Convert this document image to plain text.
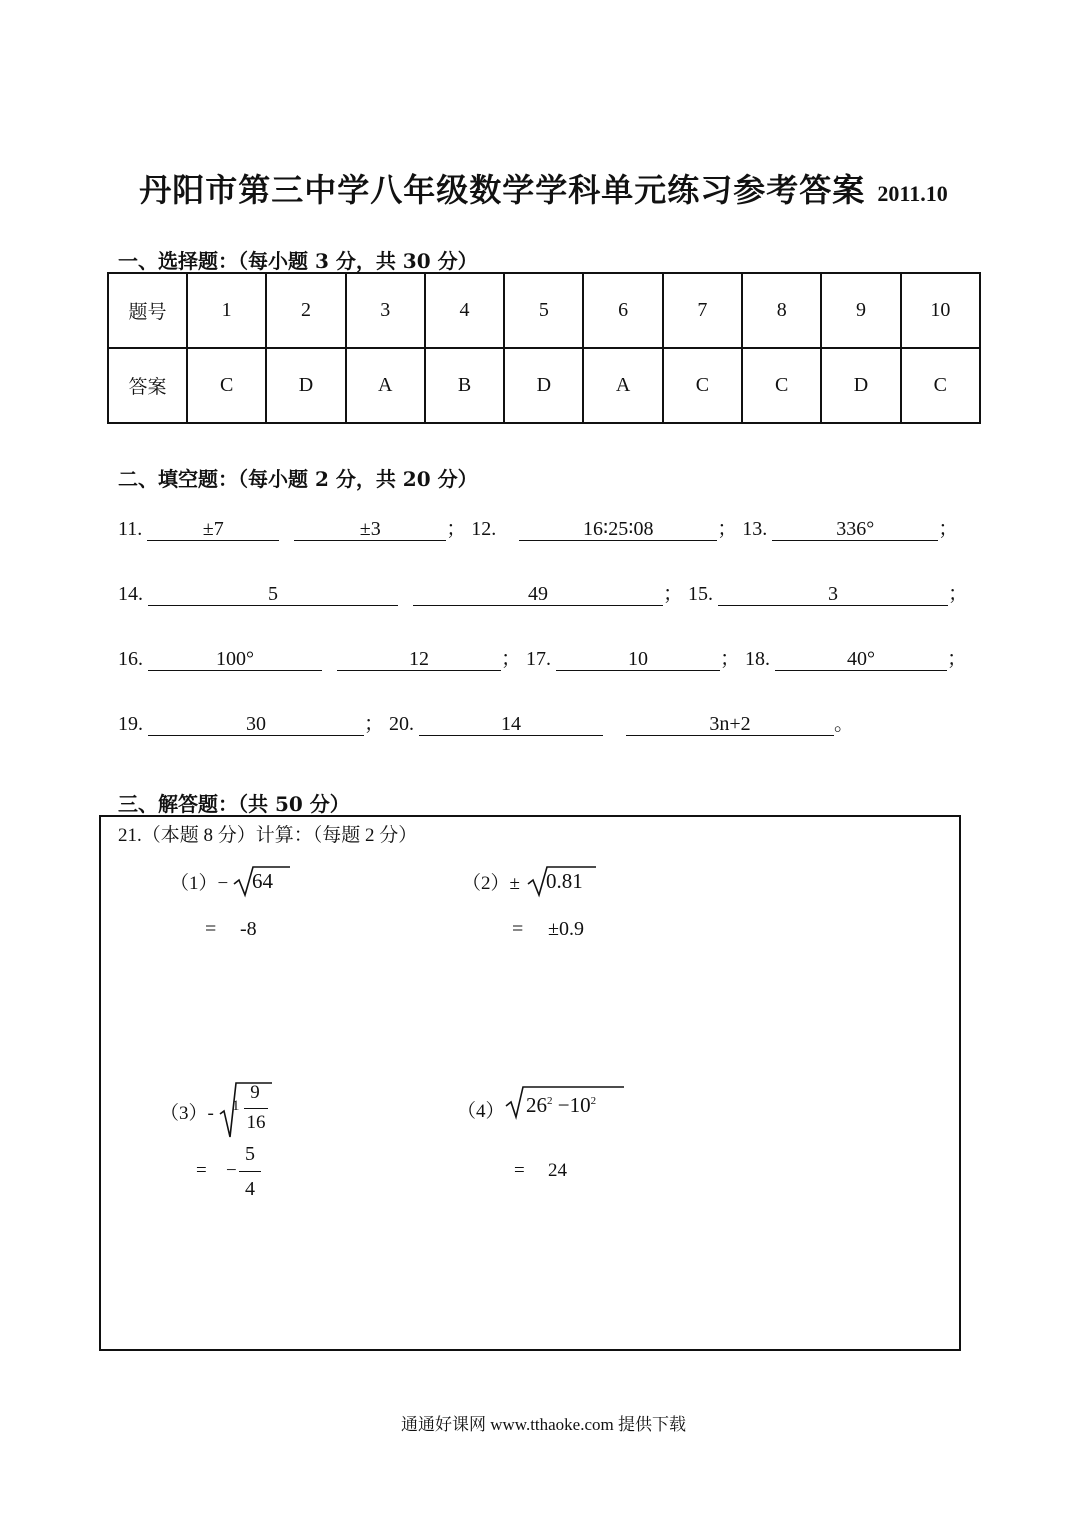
丹阳市第三中学八年级数学学科单元练习参考答案 2011.10
一、选择题：（每小题 3 分，共 30 分）
题号	1	2	3	4	5	6	7	8	9	10
答案	C	D	A	B	D	A	C	C	D	C
二、填空题：（每小题 2 分，共 20 分）
11.	±7	±3	； 12.	16∶25∶08	； 13.	336°	；
14.	5	49	； 15.	3	；
16.	100°	12	； 17.	10	； 18.	40°	；
19.	30	； 20.	14	3n+2	。
三、解答题：（共 50 分）
21.（本题 8 分）计算：（每题 2 分）
（1）− 64
= -8
（2）± 0.81
= ±0.9
（3）- 1
9
16
= −
5
4
（4） $26^2 -10^2$
= 24
通通好课网 www.tthaoke.com 提供下载
